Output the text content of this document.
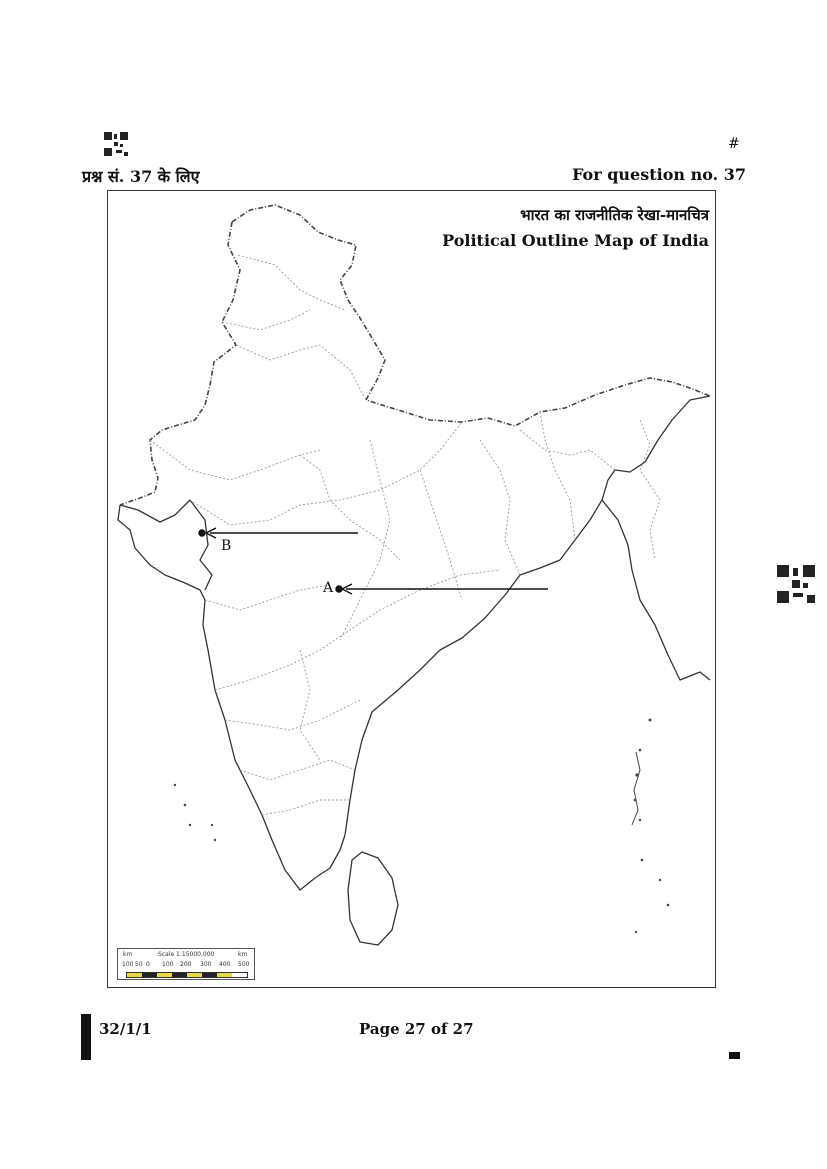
#
प्रश्न सं. 37 के लिए	For question no. 37
भारत का राजनीतिक रेखा-मानचित्र
Political Outline Map of India
B
A
km	Scale 1:15000,000	km
100 50 0 100 200 300 400 500
32/1/1	Page 27 of 27
